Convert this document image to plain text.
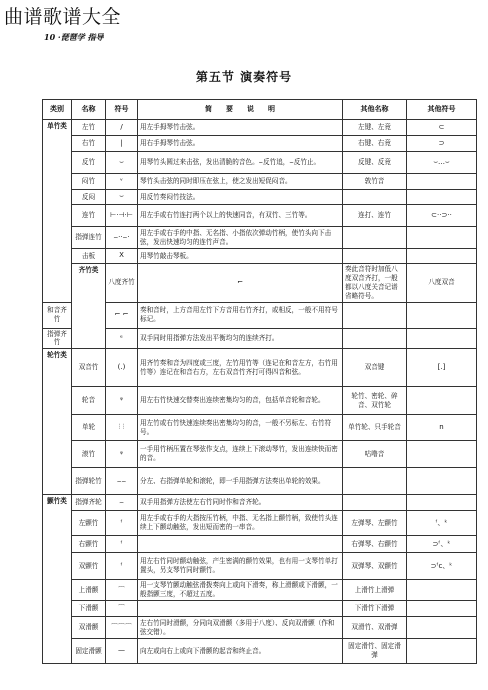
曲谱歌谱大全
10 ·琵琶学 指导
第五节 演奏符号
类别	名称	符号	简　　要　　说　　明	其他名称	其他符号	
单竹类	左竹	/	用左手拇琴竹击弦。	左键、左竟	⊂	
	右竹	|	用右手拇琴竹击弦。	右键、右竟	⊃	
	反竹	⌣	用琴竹头圆过来击弦，发出清脆的音色。⌣反竹追，⌣反竹止。	反键、反竟	⌣…⌣	
	闷竹	ᵛ	琴竹头击弦的同时即压在弦上，使之发出短促闷音。	敦竹音		
	反闷	⌣	用反竹奏闷竹技法。			
	连竹	⊢·⊣·⊢	用左手或右竹连打两个以上的快速同音，有双竹、三竹等。	连打、连竹	⊂··⊃··	
	指弹连竹	⌢··⌢·	用左手或右手的中指、无名指、小指依次弹动竹柄，使竹头向下击弦，发出快速均匀的连竹声音。			
	击板	X	用琴竹敲击琴板。			
	齐竹类	八度齐竹	⌐	奏此音符时加低八度双音齐打，一般都以八度关音记谱省略符号。	八度双音	
和音齐竹		⌐ ⌐	奏和音时，上方音用左竹下方音用右竹齐打，或相反，一般不用符号标记。			
指弹齐竹		ᵉ	双手同时用指弹方法发出平衡均匀的连续齐打。			
轮竹类	双音竹	(.)	用齐竹奏和音为四度或三度，左竹用竹等（连记在和音左方，右竹用竹等）连记在和音右方，左右双音竹齐打可得四音和弦。	双音键	[.]	
	轮音	ᵠ	用左右竹快速交替奏出连续密集均匀的音，包括单音轮和音轮。	轮竹、密轮、碎音、双竹轮		
	单轮	⫶ ⫶	用左竹或右竹快速连续奏出密集均匀的音，一般不另标左、右竹符号。	单竹轮、只手轮音	n	
	滚竹	ᵠ	一手用竹柄压置在琴弦作支点，连续上下滚动琴竹，发出连续快而密的音。	咕噜音		
	指弹轮竹	⌢⌢	分左、右指弹单轮和滚轮，即一手用指弹方法奏出单轮的效果。			
颤竹类	指弹齐轮	⌢	双手用指弹方法使左右竹同时作和音齐轮。			
	左颤竹	ᶠ	用左手或右手的大指按压竹柄，中指、无名指上颤竹柄，致使竹头连续上下颤动触弦，发出短而密的一串音。	左弹琴、左颤竹	ᶠ、ᵏ	
	右颤竹	ᶠ		右弹琴、右颤竹	⊃ᶠ、ᵏ	
	双颤竹	ᶠ	用左右竹同时颤动触弦，产生密满的颤竹效果，也有用一支琴竹单打置头，另支琴竹同时颤竹。	双弹琴、双颤竹	⊃ᶠc、ᵏ	
	上滑颤	⌒	用一支琴竹颤动触弦滑拨奏向上或向下滑奏，称上滑颤或下滑颤，一般指颤三度，不超过五度。	上滑竹上滑弹		
	下滑颤	⌒		下滑竹下滑弹		
	双滑颤	⌒⌒⌒	左右竹同时滑颤，分同向双滑颤（多用于八度）、反向双滑颤（作和弦交错）。	双滑竹、双滑弹		
	固定滑颤	—	向左或向右上或向下滑颤的起音和终止音。	固定滑竹、固定滑弹		
